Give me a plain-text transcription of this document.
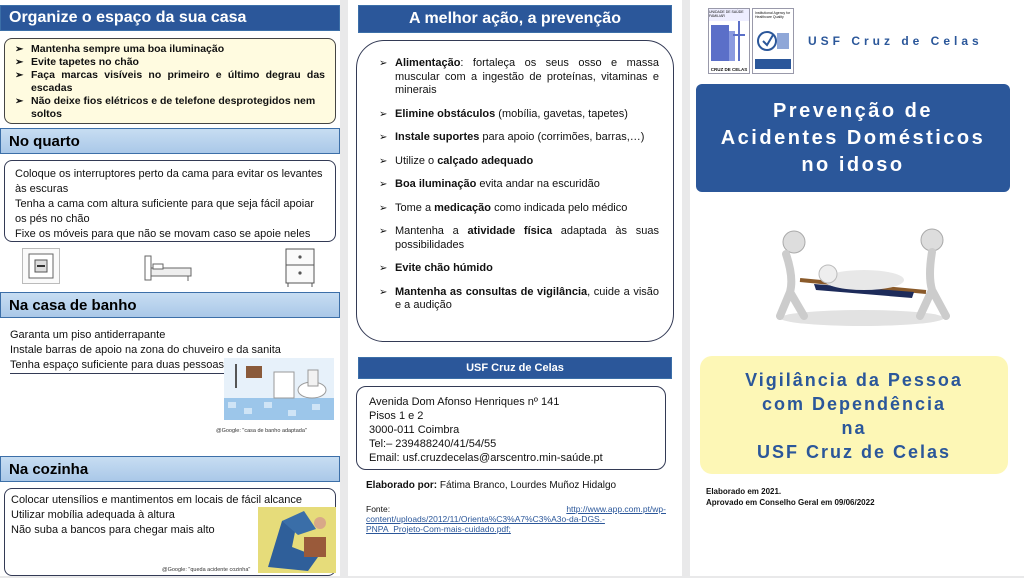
Organize o espaço da sua casa
➢ Mantenha sempre uma boa iluminação
➢ Evite tapetes no chão
➢ Faça marcas visíveis no primeiro e último degrau das escadas
➢ Não deixe fios elétricos e de telefone desprotegidos nem soltos
No quarto
Coloque os interruptores perto da cama para evitar os levantes às escuras
Tenha a cama com altura suficiente para que seja fácil apoiar os pés no chão
Fixe os móveis para que não se movam caso se apoie neles
Na casa de banho
Garanta um piso antiderrapante
Instale barras de apoio na zona do chuveiro e da sanita
Tenha espaço suficiente para duas pessoas
@Google: "casa de banho adaptada"
Na cozinha
Colocar utensílios e mantimentos em locais de fácil alcance
Utilizar mobília adequada à altura
Não suba a bancos para chegar mais alto
@Google: "queda acidente cozinha"
A melhor ação, a prevenção
➢ Alimentação: fortaleça os seus osso e massa muscular com a ingestão de proteínas, vitaminas e minerais
➢ Elimine obstáculos (mobília, gavetas, tapetes)
➢ Instale suportes para apoio (corrimões, barras,…)
➢ Utilize o calçado adequado
➢ Boa iluminação evita andar na escuridão
➢ Tome a medicação como indicada pelo médico
➢ Mantenha a atividade física adaptada às suas possibilidades
➢ Evite chão húmido
➢ Mantenha as consultas de vigilância, cuide a visão e a audição
USF Cruz de Celas
Avenida Dom Afonso Henriques nº 141
Pisos 1 e 2
3000-011 Coimbra
Tel:– 239488240/41/54/55
Email: usf.cruzdecelas@arscentro.min-saúde.pt
Elaborado por: Fátima Branco, Lourdes Muñoz Hidalgo
Fonte:	http://www.app.com.pt/wp-
content/uploads/2012/11/Orienta%C3%A7%C3%A3o-da-DGS.-
PNPA_Projeto-Com-mais-cuidado.pdf;
UNIDADE DE SAÚDE FAMILIAR
CRUZ DE CELAS
Institutional Agency for Healthcare Quality
USF Cruz de Celas
Prevenção de
Acidentes Domésticos
no idoso
Vigilância da Pessoa
com Dependência
na
USF Cruz de Celas
Elaborado em 2021.
Aprovado em Conselho Geral em 09/06/2022
